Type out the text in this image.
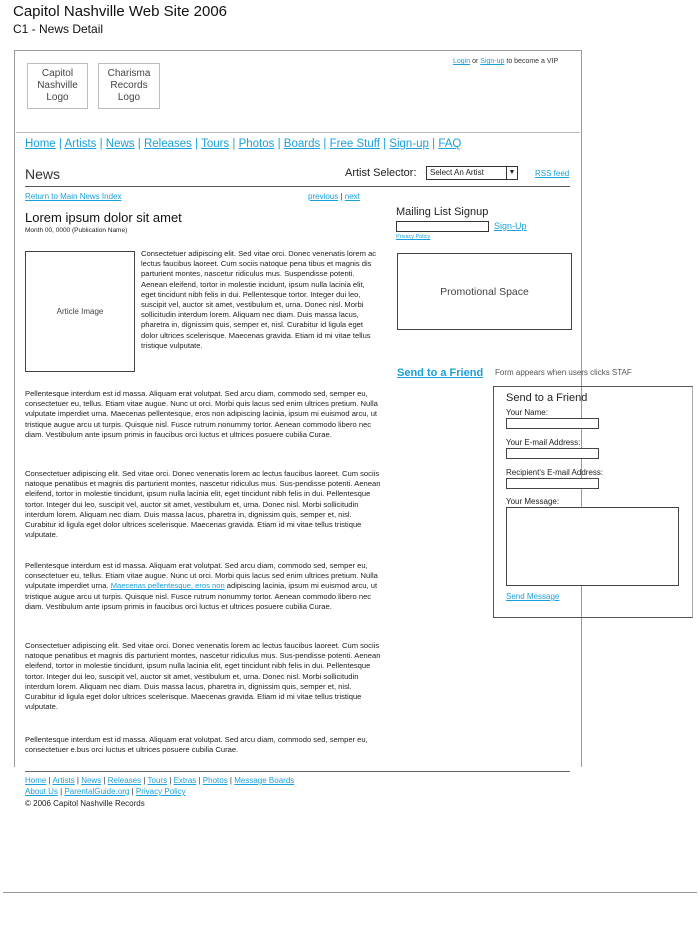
Capitol Nashville Web Site 2006
C1 - News Detail
Capitol Nashville Logo
Charisma Records Logo
Login or Sign-up to become a VIP
Home | Artists | News | Releases | Tours | Photos | Boards | Free Stuff | Sign-up | FAQ
News	Artist Selector:	Select An Artist	▼ RSS feed
Return to Main News Index	previous | next
Lorem ipsum dolor sit amet
Month 00, 0000 (Publication Name)
Article Image
Consectetuer adipiscing elit. Sed vitae orci. Donec venenatis lorem ac lectus faucibus laoreet. Cum sociis natoque pena tibus et magnis dis parturient montes, nascetur ridiculus mus. Suspendisse potenti. Aenean eleifend, tortor in molestie incidunt, ipsum nulla lacinia elit, eget tincidunt nibh felis in dui. Pellentesque tortor. Integer dui leo, suscipit vel, auctor sit amet, vestibulum et, urna. Donec nisl. Morbi sollicitudin interdum lorem. Aliquam nec diam. Duis massa lacus, pharetra in, dignissim quis, semper et, nisl. Curabitur id ligula eget dolor ultrices scelerisque. Maecenas gravida. Etiam id mi vitae tellus tristique vulputate.
Pellentesque interdum est id massa. Aliquam erat volutpat. Sed arcu diam, commodo sed, semper eu, consectetuer eu, tellus. Etiam vitae augue. Nunc ut orci. Morbi quis lacus sed enim ultrices pretium. Nulla vulputate imperdiet urna. Maecenas pellentesque, eros non adipiscing lacinia, ipsum mi euismod arcu, ut tristique augue arcu ut turpis. Quisque nisl. Fusce rutrum nonummy tortor. Aenean commodo libero nec diam. Vestibulum ante ipsum primis in faucibus orci luctus et ultrices posuere cubilia Curae.
Consectetuer adipiscing elit. Sed vitae orci. Donec venenatis lorem ac lectus faucibus laoreet. Cum sociis natoque penatibus et magnis dis parturient montes, nascetur ridiculus mus. Sus-pendisse potenti. Aenean eleifend, tortor in molestie tincidunt, ipsum nulla lacinia elit, eget tincidunt nibh felis in dui. Pellentesque tortor. Integer dui leo, suscipit vel, auctor sit amet, vestibulum et, urna. Donec nisl. Morbi sollicitudin interdum lorem. Aliquam nec diam. Duis massa lacus, pharetra in, dignissim quis, semper et, nisl. Curabitur id ligula eget dolor ultrices scelerisque. Maecenas gravida. Etiam id mi vitae tellus tristique vulputate.
Pellentesque interdum est id massa. Aliquam erat volutpat. Sed arcu diam, commodo sed, semper eu, consectetuer eu, tellus. Etiam vitae augue. Nunc ut orci. Morbi quis lacus sed enim ultrices pretium. Nulla vulputate imperdiet urna. Maecenas pellentesque, eros non adipiscing lacinia, ipsum mi euismod arcu, ut tristique augue arcu ut turpis. Quisque nisl. Fusce rutrum nonummy tortor. Aenean commodo libero nec diam. Vestibulum ante ipsum primis in faucibus orci luctus et ultrices posuere cubilia Curae.
Consectetuer adipiscing elit. Sed vitae orci. Donec venenatis lorem ac lectus faucibus laoreet. Cum sociis natoque penatibus et magnis dis parturient montes, nascetur ridiculus mus. Sus-pendisse potenti. Aenean eleifend, tortor in molestie tincidunt, ipsum nulla lacinia elit, eget tincidunt nibh felis in dui. Pellentesque tortor. Integer dui leo, suscipit vel, auctor sit amet, vestibulum et, urna. Donec nisl. Morbi sollicitudin interdum lorem. Aliquam nec diam. Duis massa lacus, pharetra in, dignissim quis, semper et, nisl. Curabitur id ligula eget dolor ultrices scelerisque. Maecenas gravida. Etiam id mi vitae tellus tristique vulputate.
Pellentesque interdum est id massa. Aliquam erat volutpat. Sed arcu diam, commodo sed, semper eu, consectetuer e.bus orci luctus et ultrices posuere cubilia Curae.
Mailing List Signup
Sign-Up
Privacy Policy
Promotional Space
Send to a Friend Form appears when users clicks STAF
Send to a Friend
Your Name:
Your E-mail Address:
Recipient's E-mail Address:
Your Message:
Send Message
Home | Artists | News | Releases | Tours | Extras | Photos | Message Boards
About Us | ParentalGuide.org | Privacy Policy
© 2006 Capitol Nashville Records
